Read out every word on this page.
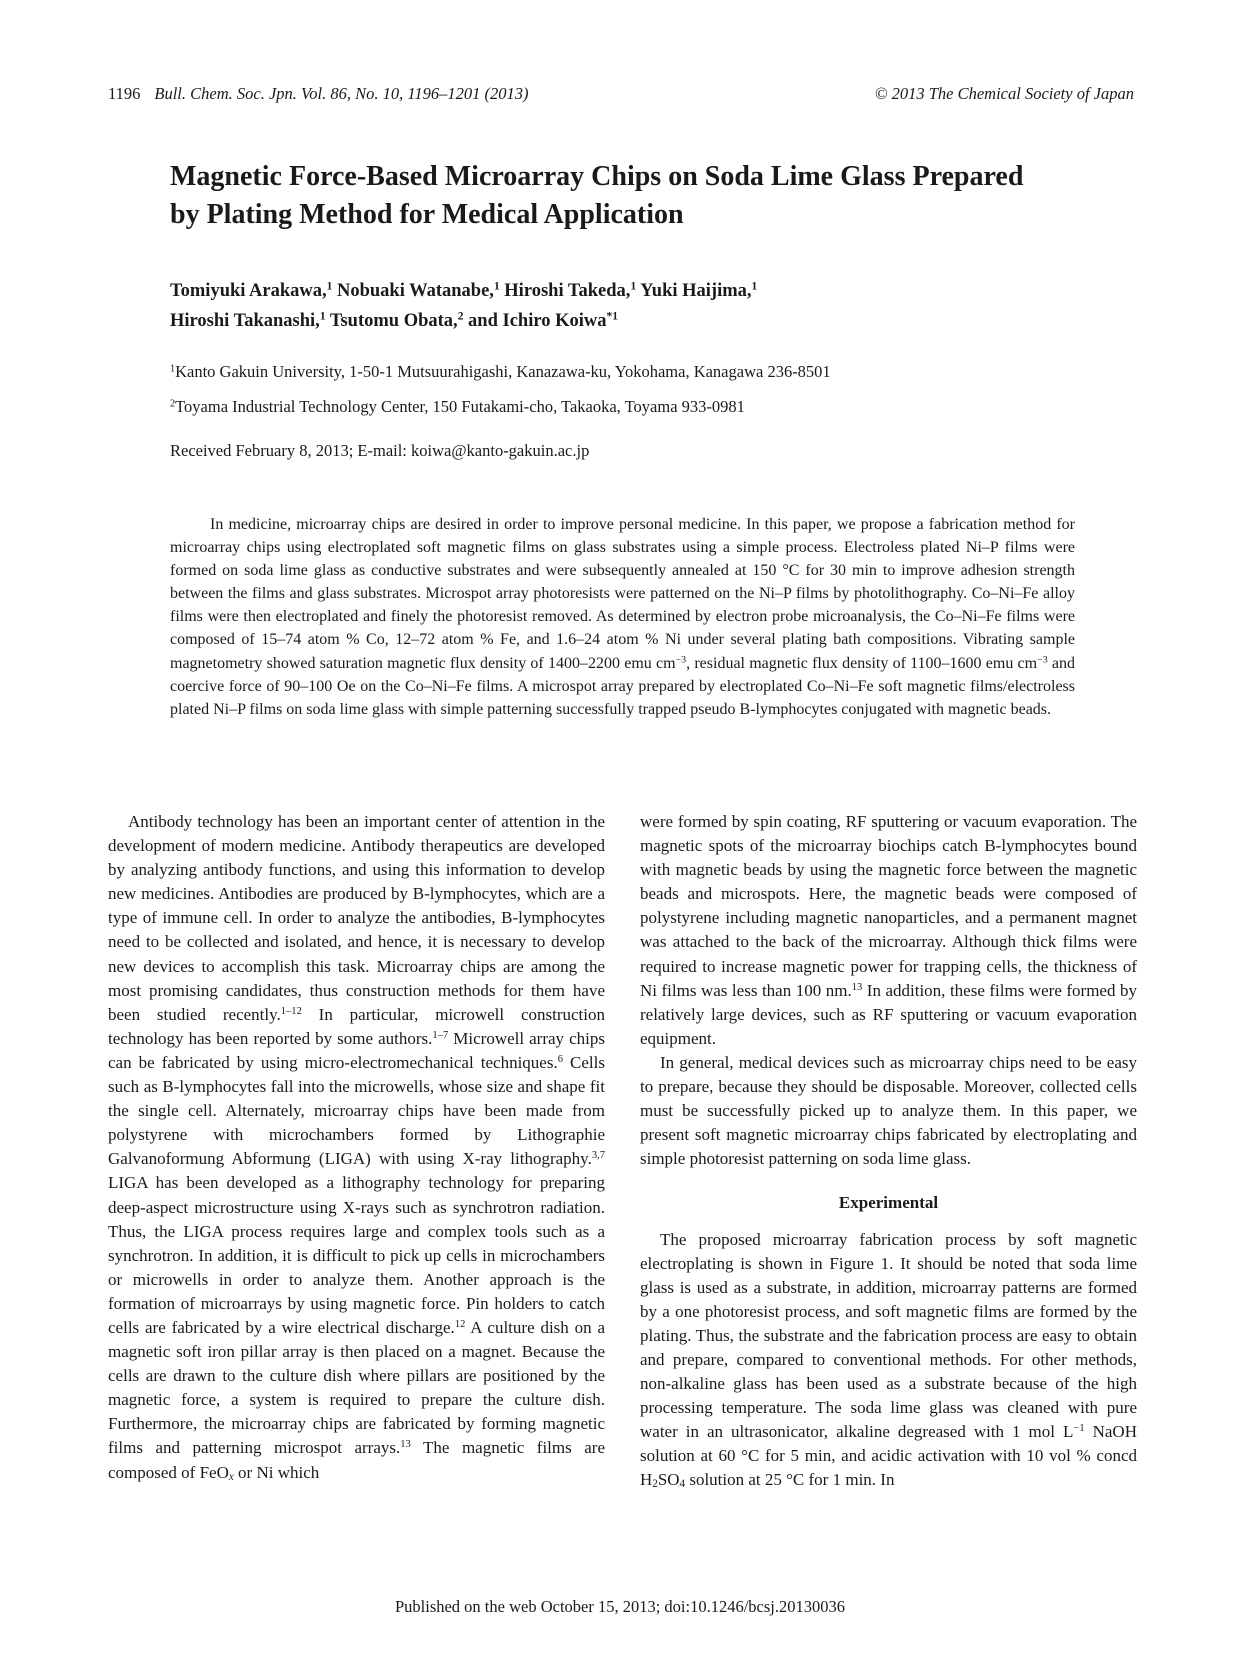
1196 Bull. Chem. Soc. Jpn. Vol. 86, No. 10, 1196–1201 (2013)	© 2013 The Chemical Society of Japan
Magnetic Force-Based Microarray Chips on Soda Lime Glass Prepared
by Plating Method for Medical Application
Tomiyuki Arakawa,$^1$ Nobuaki Watanabe,$^1$ Hiroshi Takeda,$^1$ Yuki Haijima,$^1$
Hiroshi Takanashi,$^1$ Tsutomu Obata,$^2$ and Ichiro Koiwa$^{*1}$
$^1$Kanto Gakuin University, 1-50-1 Mutsuurahigashi, Kanazawa-ku, Yokohama, Kanagawa 236-8501
$^2$Toyama Industrial Technology Center, 150 Futakami-cho, Takaoka, Toyama 933-0981
Received February 8, 2013; E-mail: koiwa@kanto-gakuin.ac.jp

In medicine, microarray chips are desired in order to improve personal medicine. In this paper, we propose a fabrication method for microarray chips using electroplated soft magnetic films on glass substrates using a simple process. Electroless plated Ni–P films were formed on soda lime glass as conductive substrates and were subsequently annealed at 150 °C for 30 min to improve adhesion strength between the films and glass substrates. Microspot array photoresists were patterned on the Ni–P films by photolithography. Co–Ni–Fe alloy films were then electroplated and finely the photoresist removed. As determined by electron probe microanalysis, the Co–Ni–Fe films were composed of 15–74 atom % Co, 12–72 atom % Fe, and 1.6–24 atom % Ni under several plating bath compositions. Vibrating sample magnetometry showed saturation magnetic flux density of 1400–2200 emu $cm^{-3}$, residual magnetic flux density of 1100–1600 emu $cm^{-3}$ and coercive force of 90–100 Oe on the Co–Ni–Fe films. A microspot array prepared by electroplated Co–Ni–Fe soft magnetic films/electroless plated Ni–P films on soda lime glass with simple patterning successfully trapped pseudo B-lymphocytes conjugated with magnetic beads.

Antibody technology has been an important center of attention in the development of modern medicine. Antibody therapeutics are developed by analyzing antibody functions, and using this information to develop new medicines. Antibodies are produced by B-lymphocytes, which are a type of immune cell. In order to analyze the antibodies, B-lymphocytes need to be collected and isolated, and hence, it is necessary to develop new devices to accomplish this task. Microarray chips are among the most promising candidates, thus construction methods for them have been studied recently.$^{1-12}$ In particular, microwell construction technology has been reported by some authors.$^{1-7}$ Microwell array chips can be fabricated by using micro-electromechanical techniques.$^6$ Cells such as B-lymphocytes fall into the microwells, whose size and shape fit the single cell. Alternately, microarray chips have been made from polystyrene with microchambers formed by Lithographie Galvanoformung Abformung (LIGA) with using X-ray lithography.$^{3,7}$ LIGA has been developed as a lithography technology for preparing deep-aspect microstructure using X-rays such as synchrotron radiation. Thus, the LIGA process requires large and complex tools such as a synchrotron. In addition, it is difficult to pick up cells in microchambers or microwells in order to analyze them. Another approach is the formation of microarrays by using magnetic force. Pin holders to catch cells are fabricated by a wire electrical discharge.$^{12}$ A culture dish on a magnetic soft iron pillar array is then placed on a magnet. Because the cells are drawn to the culture dish where pillars are positioned by the magnetic force, a system is required to prepare the culture dish. Furthermore, the microarray chips are fabricated by forming magnetic films and patterning microspot arrays.$^{13}$ The magnetic films are composed of FeO$_x$ or Ni which

were formed by spin coating, RF sputtering or vacuum evaporation. The magnetic spots of the microarray biochips catch B-lymphocytes bound with magnetic beads by using the magnetic force between the magnetic beads and microspots. Here, the magnetic beads were composed of polystyrene including magnetic nanoparticles, and a permanent magnet was attached to the back of the microarray. Although thick films were required to increase magnetic power for trapping cells, the thickness of Ni films was less than 100 nm.$^{13}$ In addition, these films were formed by relatively large devices, such as RF sputtering or vacuum evaporation equipment.

In general, medical devices such as microarray chips need to be easy to prepare, because they should be disposable. Moreover, collected cells must be successfully picked up to analyze them. In this paper, we present soft magnetic microarray chips fabricated by electroplating and simple photoresist patterning on soda lime glass.

Experimental

The proposed microarray fabrication process by soft magnetic electroplating is shown in Figure 1. It should be noted that soda lime glass is used as a substrate, in addition, microarray patterns are formed by a one photoresist process, and soft magnetic films are formed by the plating. Thus, the substrate and the fabrication process are easy to obtain and prepare, compared to conventional methods. For other methods, non-alkaline glass has been used as a substrate because of the high processing temperature. The soda lime glass was cleaned with pure water in an ultrasonicator, alkaline degreased with 1 mol $L^{-1}$ NaOH solution at 60 °C for 5 min, and acidic activation with 10 vol % concd $H_2SO_4$ solution at 25 °C for 1 min. In

Published on the web October 15, 2013; doi:10.1246/bcsj.20130036
